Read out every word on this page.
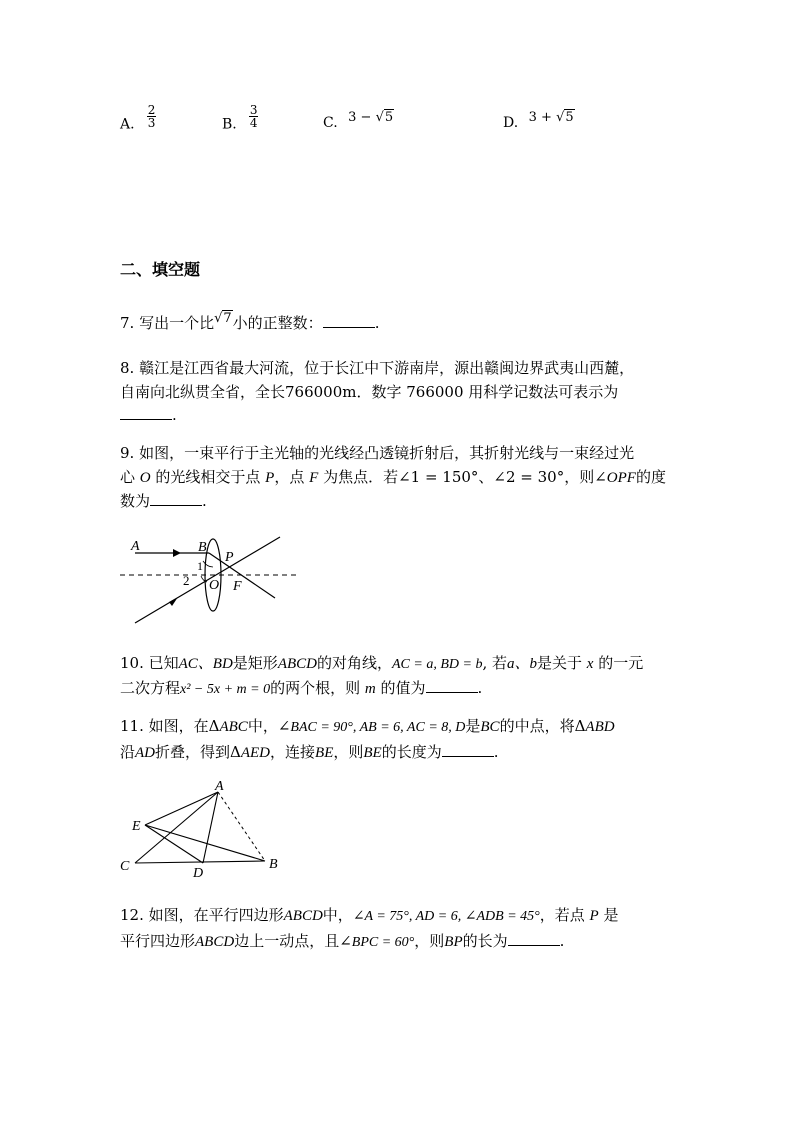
A. $\frac{2}{3}$	B. $\frac{3}{4}$	C. 3 − √5	D. 3 + √5
二、填空题
7. 写出一个比√7小的正整数：	.
8. 赣江是江西省最大河流，位于长江中下游南岸，源出赣闽边界武夷山西麓，
自南向北纵贯全省，全长766000m．数字 766000 用科学记数法可表示为
.
9. 如图，一束平行于主光轴的光线经凸透镜折射后，其折射光线与一束经过光
心 O 的光线相交于点 P，点 F 为焦点．若∠1 = 150°、∠2 = 30°，则∠OPF的度
数为	.
A	B
P
1
2 O F
10. 已知AC、BD是矩形ABCD的对角线，AC = a, BD = b, 若a、b是关于 x 的一元
二次方程x² − 5x + m = 0的两个根，则 m 的值为	.
11. 如图，在ΔABC中，∠BAC = 90°, AB = 6, AC = 8, D是BC的中点，将ΔABD
沿AD折叠，得到ΔAED，连接BE，则BE的长度为	.
A
E
C	D
B
12. 如图，在平行四边形ABCD中，∠A = 75°, AD = 6, ∠ADB = 45°，若点 P 是
平行四边形ABCD边上一动点，且∠BPC = 60°，则BP的长为	.
